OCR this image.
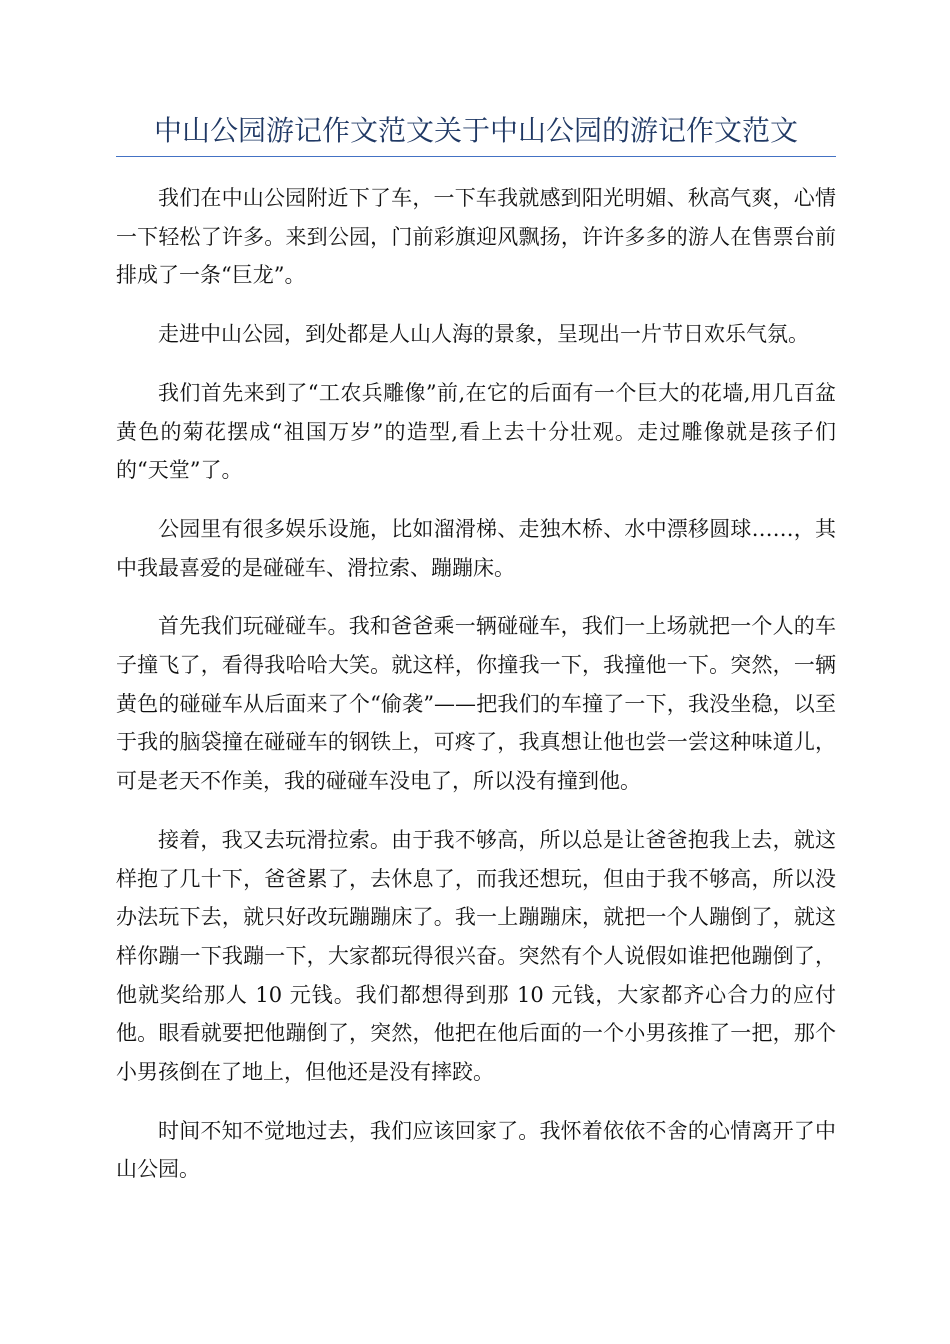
中山公园游记作文范文关于中山公园的游记作文范文

我们在中山公园附近下了车，一下车我就感到阳光明媚、秋高气爽，心情一下轻松了许多。来到公园，门前彩旗迎风飘扬，许许多多的游人在售票台前排成了一条“巨龙”。

走进中山公园，到处都是人山人海的景象，呈现出一片节日欢乐气氛。

我们首先来到了“工农兵雕像”前,在它的后面有一个巨大的花墙,用几百盆黄色的菊花摆成“祖国万岁”的造型,看上去十分壮观。走过雕像就是孩子们的“天堂”了。

公园里有很多娱乐设施，比如溜滑梯、走独木桥、水中漂移圆球……，其中我最喜爱的是碰碰车、滑拉索、蹦蹦床。

首先我们玩碰碰车。我和爸爸乘一辆碰碰车，我们一上场就把一个人的车子撞飞了，看得我哈哈大笑。就这样，你撞我一下，我撞他一下。突然，一辆黄色的碰碰车从后面来了个“偷袭”——把我们的车撞了一下，我没坐稳，以至于我的脑袋撞在碰碰车的钢铁上，可疼了，我真想让他也尝一尝这种味道儿，可是老天不作美，我的碰碰车没电了，所以没有撞到他。

接着，我又去玩滑拉索。由于我不够高，所以总是让爸爸抱我上去，就这样抱了几十下，爸爸累了，去休息了，而我还想玩，但由于我不够高，所以没办法玩下去，就只好改玩蹦蹦床了。我一上蹦蹦床，就把一个人蹦倒了，就这样你蹦一下我蹦一下，大家都玩得很兴奋。突然有个人说假如谁把他蹦倒了，他就奖给那人 10 元钱。我们都想得到那 10 元钱，大家都齐心合力的应付他。眼看就要把他蹦倒了，突然，他把在他后面的一个小男孩推了一把，那个小男孩倒在了地上，但他还是没有摔跤。

时间不知不觉地过去，我们应该回家了。我怀着依依不舍的心情离开了中山公园。
